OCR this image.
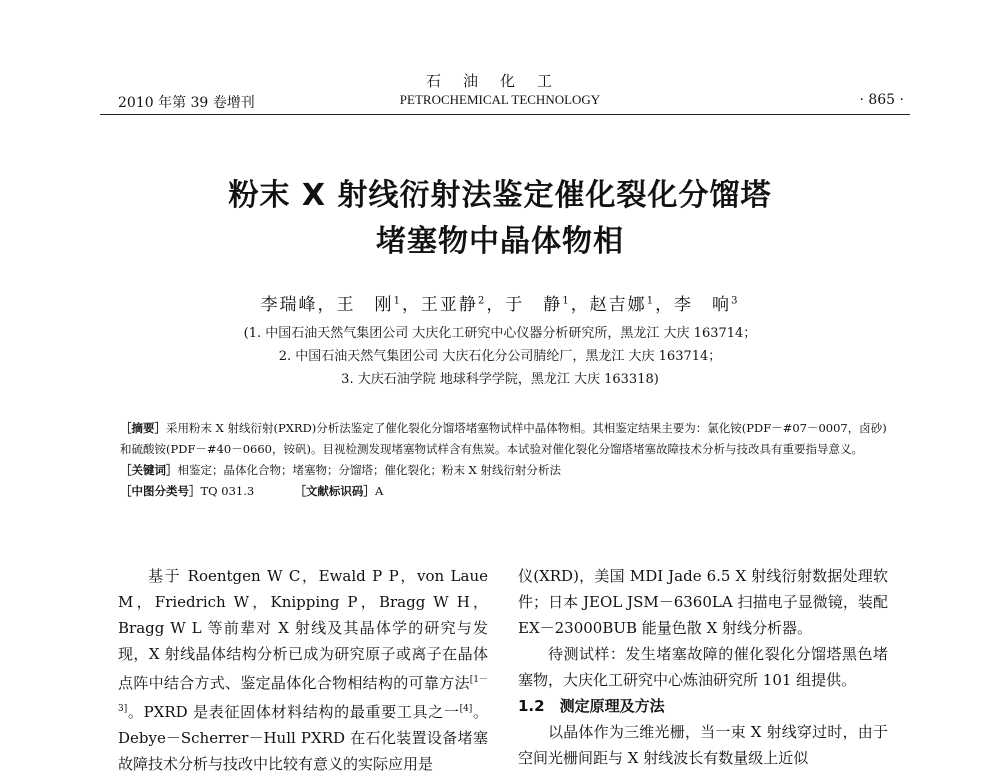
2010 年第 39 卷增刊
石油化工
PETROCHEMICAL TECHNOLOGY	· 865 ·
粉末 X 射线衍射法鉴定催化裂化分馏塔
堵塞物中晶体物相
李瑞峰，王　刚$^1$，王亚静$^2$，于　静$^1$，赵吉娜$^1$，李　响$^3$
(1. 中国石油天然气集团公司 大庆化工研究中心仪器分析研究所，黑龙江 大庆 163714；
2. 中国石油天然气集团公司 大庆石化分公司腈纶厂，黑龙江 大庆 163714；
3. 大庆石油学院 地球科学学院，黑龙江 大庆 163318)

［摘要］采用粉末 X 射线衍射(PXRD)分析法鉴定了催化裂化分馏塔堵塞物试样中晶体物相。其相鉴定结果主要为：氯化铵(PDF－#07－0007，卤砂)和硫酸铵(PDF－#40－0660，铵矾)。目视检测发现堵塞物试样含有焦炭。本试验对催化裂化分馏塔堵塞故障技术分析与技改具有重要指导意义。

［关键词］相鉴定；晶体化合物；堵塞物；分馏塔；催化裂化；粉末 X 射线衍射分析法

［中图分类号］TQ 031.3　　　　	［文献标识码］A

基于 Roentgen W C，Ewald P P，von Laue M，Friedrich W，Knipping P，Bragg W H，Bragg W L 等前辈对 X 射线及其晶体学的研究与发现，X 射线晶体结构分析已成为研究原子或离子在晶体点阵中结合方式、鉴定晶体化合物相结构的可靠方法[1－3]。PXRD 是表征固体材料结构的最重要工具之一[4]。Debye－Scherrer－Hull PXRD 在石化装置设备堵塞故障技术分析与技改中比较有意义的实际应用是

仪(XRD)，美国 MDI Jade 6.5 X 射线衍射数据处理软件；日本 JEOL JSM－6360LA 扫描电子显微镜，装配 EX－23000BUB 能量色散 X 射线分析器。

待测试样：发生堵塞故障的催化裂化分馏塔黑色堵塞物，大庆化工研究中心炼油研究所 101 组提供。

1.2　测定原理及方法

以晶体作为三维光栅，当一束 X 射线穿过时，由于空间光栅间距与 X 射线波长有数量级上近似
